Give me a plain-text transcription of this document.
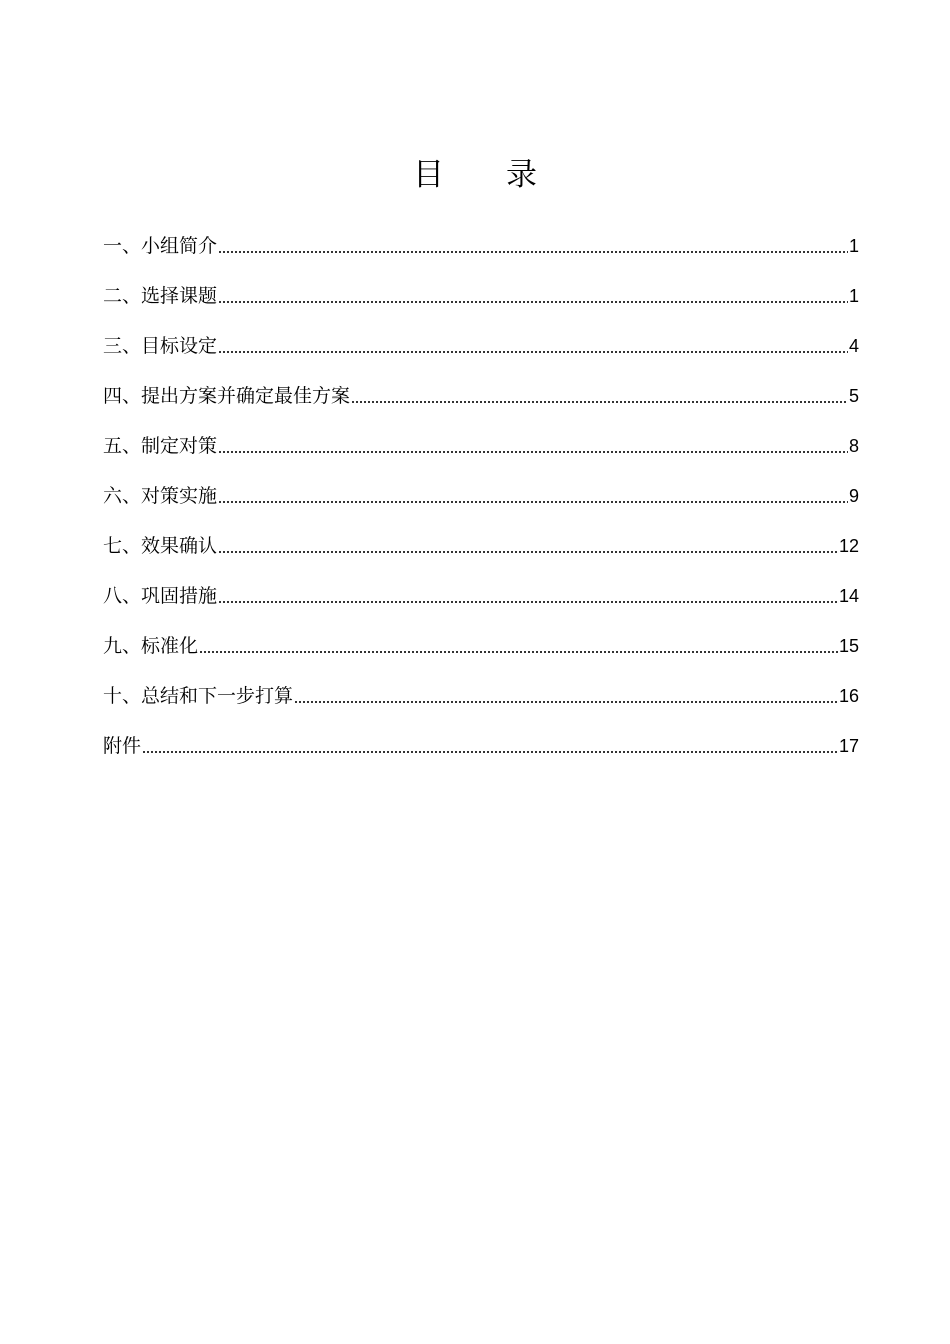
目 录
一、小组简介	1
二、选择课题	1
三、目标设定	4
四、提出方案并确定最佳方案	5
五、制定对策	8
六、对策实施	9
七、效果确认	12
八、巩固措施	14
九、标准化	15
十、总结和下一步打算	16
附件	17
